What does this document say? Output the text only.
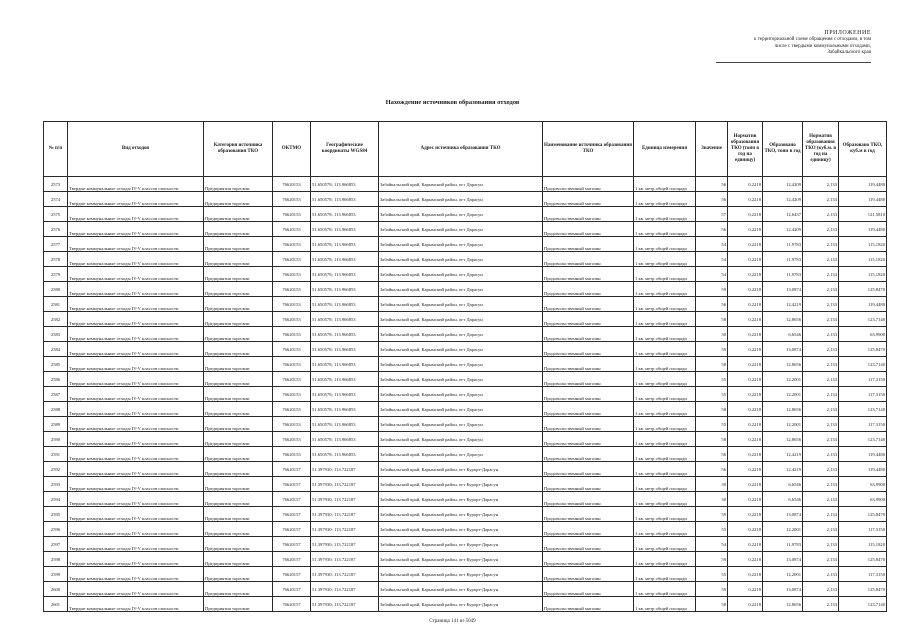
ПРИЛОЖЕНИЕ
к территориальной схеме обращения с отходами, в том
числе с твердыми коммунальными отходами,
Забайкальского края
Нахождение источников образования отходов
№ п/п	Вид отходов	Категория источника образования ТКО	ОКТМО	Географические координаты WGS84	Адрес источника образования ТКО	Наименование источника образования ТКО	Единица измерения	Значение	Норматив образования ТКО (тонн в год на единицу)	Образовано ТКО, тонн в год	Норматив образования ТКО (куб.м. в год на единицу)	Образовано ТКО, куб.м в год
2573	Твердые коммунальные отходы IV-V классов опасности	Предприятия торговли	76620153	51.650578; 113.966853	Забайкальский край, Карымский район, пгт Дарасун	Продовольственный магазин	1 кв. метр общей площади	56	0,2218	12,4209	2,133	119,4480
2574	Твердые коммунальные отходы IV-V классов опасности	Предприятия торговли	76620153	51.650578; 113.966853	Забайкальский край, Карымский район, пгт Дарасун	Продовольственный магазин	1 кв. метр общей площади	56	0,2218	12,4209	2,133	119,4480
2575	Твердые коммунальные отходы IV-V классов опасности	Предприятия торговли	76620153	51.650578; 113.966853	Забайкальский край, Карымский район, пгт Дарасун	Продовольственный магазин	1 кв. метр общей площади	57	0,2218	12,6437	2,133	121,5810
2576	Твердые коммунальные отходы IV-V классов опасности	Предприятия торговли	76620153	51.650578; 113.966853	Забайкальский край, Карымский район, пгт Дарасун	Продовольственный магазин	1 кв. метр общей площади	56	0,2218	12,4209	2,133	119,4480
2577	Твердые коммунальные отходы IV-V классов опасности	Предприятия торговли	76620153	51.650578; 113.966853	Забайкальский край, Карымский район, пгт Дарасун	Продовольственный магазин	1 кв. метр общей площади	54	0,2218	11,9783	2,133	115,1820
2578	Твердые коммунальные отходы IV-V классов опасности	Предприятия торговли	76620153	51.650578; 113.966853	Забайкальский край, Карымский район, пгт Дарасун	Продовольственный магазин	1 кв. метр общей площади	54	0,2218	11,9783	2,133	115,1820
2579	Твердые коммунальные отходы IV-V классов опасности	Предприятия торговли	76620153	51.650578; 113.966853	Забайкальский край, Карымский район, пгт Дарасун	Продовольственный магазин	1 кв. метр общей площади	54	0,2218	11,9783	2,133	115,1820
2580	Твердые коммунальные отходы IV-V классов опасности	Предприятия торговли	76620153	51.650578; 113.966853	Забайкальский край, Карымский район, пгт Дарасун	Продовольственный магазин	1 кв. метр общей площади	59	0,2218	13,0874	2,133	125,8470
2581	Твердые коммунальные отходы IV-V классов опасности	Предприятия торговли	76620153	51.650578; 113.966853	Забайкальский край, Карымский район, пгт Дарасун	Продовольственный магазин	1 кв. метр общей площади	56	0,2218	12,4219	2,133	119,4480
2582	Твердые коммунальные отходы IV-V классов опасности	Предприятия торговли	76620153	51.650578; 113.966853	Забайкальский край, Карымский район, пгт Дарасун	Продовольственный магазин	1 кв. метр общей площади	58	0,2218	12,8656	2,133	123,7140
2583	Твердые коммунальные отходы IV-V классов опасности	Предприятия торговли	76620153	51.650578; 113.966853	Забайкальский край, Карымский район, пгт Дарасун	Продовольственный магазин	1 кв. метр общей площади	30	0,2218	6,6546	2,133	63,9900
2584	Твердые коммунальные отходы IV-V классов опасности	Предприятия торговли	76620153	51.650578; 113.966853	Забайкальский край, Карымский район, пгт Дарасун	Продовольственный магазин	1 кв. метр общей площади	59	0,2218	13,0874	2,133	125,8470
2585	Твердые коммунальные отходы IV-V классов опасности	Предприятия торговли	76620153	51.650578; 113.966853	Забайкальский край, Карымский район, пгт Дарасун	Продовольственный магазин	1 кв. метр общей площади	58	0,2218	12,8656	2,133	123,7140
2586	Твердые коммунальные отходы IV-V классов опасности	Предприятия торговли	76620153	51.650578; 113.966853	Забайкальский край, Карымский район, пгт Дарасун	Продовольственный магазин	1 кв. метр общей площади	55	0,2218	12,2001	2,133	117,3150
2587	Твердые коммунальные отходы IV-V классов опасности	Предприятия торговли	76620153	51.650578; 113.966853	Забайкальский край, Карымский район, пгт Дарасун	Продовольственный магазин	1 кв. метр общей площади	55	0,2218	12,2001	2,133	117,3150
2588	Твердые коммунальные отходы IV-V классов опасности	Предприятия торговли	76620153	51.650578; 113.966853	Забайкальский край, Карымский район, пгт Дарасун	Продовольственный магазин	1 кв. метр общей площади	58	0,2218	12,8656	2,133	123,7140
2589	Твердые коммунальные отходы IV-V классов опасности	Предприятия торговли	76620153	51.650578; 113.966853	Забайкальский край, Карымский район, пгт Дарасун	Продовольственный магазин	1 кв. метр общей площади	55	0,2218	12,2001	2,133	117,3150
2590	Твердые коммунальные отходы IV-V классов опасности	Предприятия торговли	76620153	51.650578; 113.966853	Забайкальский край, Карымский район, пгт Дарасун	Продовольственный магазин	1 кв. метр общей площади	58	0,2218	12,8656	2,133	123,7140
2591	Твердые коммунальные отходы IV-V классов опасности	Предприятия торговли	76620153	51.650578; 113.966853	Забайкальский край, Карымский район, пгт Дарасун	Продовольственный магазин	1 кв. метр общей площади	56	0,2218	12,4219	2,133	119,4480
2592	Твердые коммунальные отходы IV-V классов опасности	Предприятия торговли	76620157	51.397930; 113.722187	Забайкальский край, Карымский район, пгт Курорт-Дарасун	Продовольственный магазин	1 кв. метр общей площади	56	0,2218	12,4219	2,133	119,4480
2593	Твердые коммунальные отходы IV-V классов опасности	Предприятия торговли	76620157	51.397930; 113.722187	Забайкальский край, Карымский район, пгт Курорт-Дарасун	Продовольственный магазин	1 кв. метр общей площади	30	0,2218	6,6546	2,133	63,9900
2594	Твердые коммунальные отходы IV-V классов опасности	Предприятия торговли	76620157	51.397930; 113.722187	Забайкальский край, Карымский район, пгт Курорт-Дарасун	Продовольственный магазин	1 кв. метр общей площади	30	0,2218	6,6546	2,133	63,9900
2595	Твердые коммунальные отходы IV-V классов опасности	Предприятия торговли	76620157	51.397930; 113.722187	Забайкальский край, Карымский район, пгт Курорт-Дарасун	Продовольственный магазин	1 кв. метр общей площади	59	0,2218	13,0874	2,133	125,8470
2596	Твердые коммунальные отходы IV-V классов опасности	Предприятия торговли	76620157	51.397930; 113.722187	Забайкальский край, Карымский район, пгт Курорт-Дарасун	Продовольственный магазин	1 кв. метр общей площади	55	0,2218	12,2001	2,133	117,3150
2597	Твердые коммунальные отходы IV-V классов опасности	Предприятия торговли	76620157	51.397930; 113.722187	Забайкальский край, Карымский район, пгт Курорт-Дарасун	Продовольственный магазин	1 кв. метр общей площади	54	0,2218	11,9783	2,133	115,1820
2598	Твердые коммунальные отходы IV-V классов опасности	Предприятия торговли	76620157	51.397930; 113.722187	Забайкальский край, Карымский район, пгт Курорт-Дарасун	Продовольственный магазин	1 кв. метр общей площади	59	0,2218	13,0874	2,133	125,8470
2599	Твердые коммунальные отходы IV-V классов опасности	Предприятия торговли	76620157	51.397930; 113.722187	Забайкальский край, Карымский район, пгт Курорт-Дарасун	Продовольственный магазин	1 кв. метр общей площади	55	0,2218	12,2001	2,133	117,3150
2600	Твердые коммунальные отходы IV-V классов опасности	Предприятия торговли	76620157	51.397930; 113.722187	Забайкальский край, Карымский район, пгт Курорт-Дарасун	Продовольственный магазин	1 кв. метр общей площади	59	0,2218	13,0874	2,133	125,8470
2601	Твердые коммунальные отходы IV-V классов опасности	Предприятия торговли	76620157	51.397930; 113.722187	Забайкальский край, Карымский район, пгт Курорт-Дарасун	Продовольственный магазин	1 кв. метр общей площади	58	0,2218	12,8656	2,133	123,7140
Страница 141 из 5049
